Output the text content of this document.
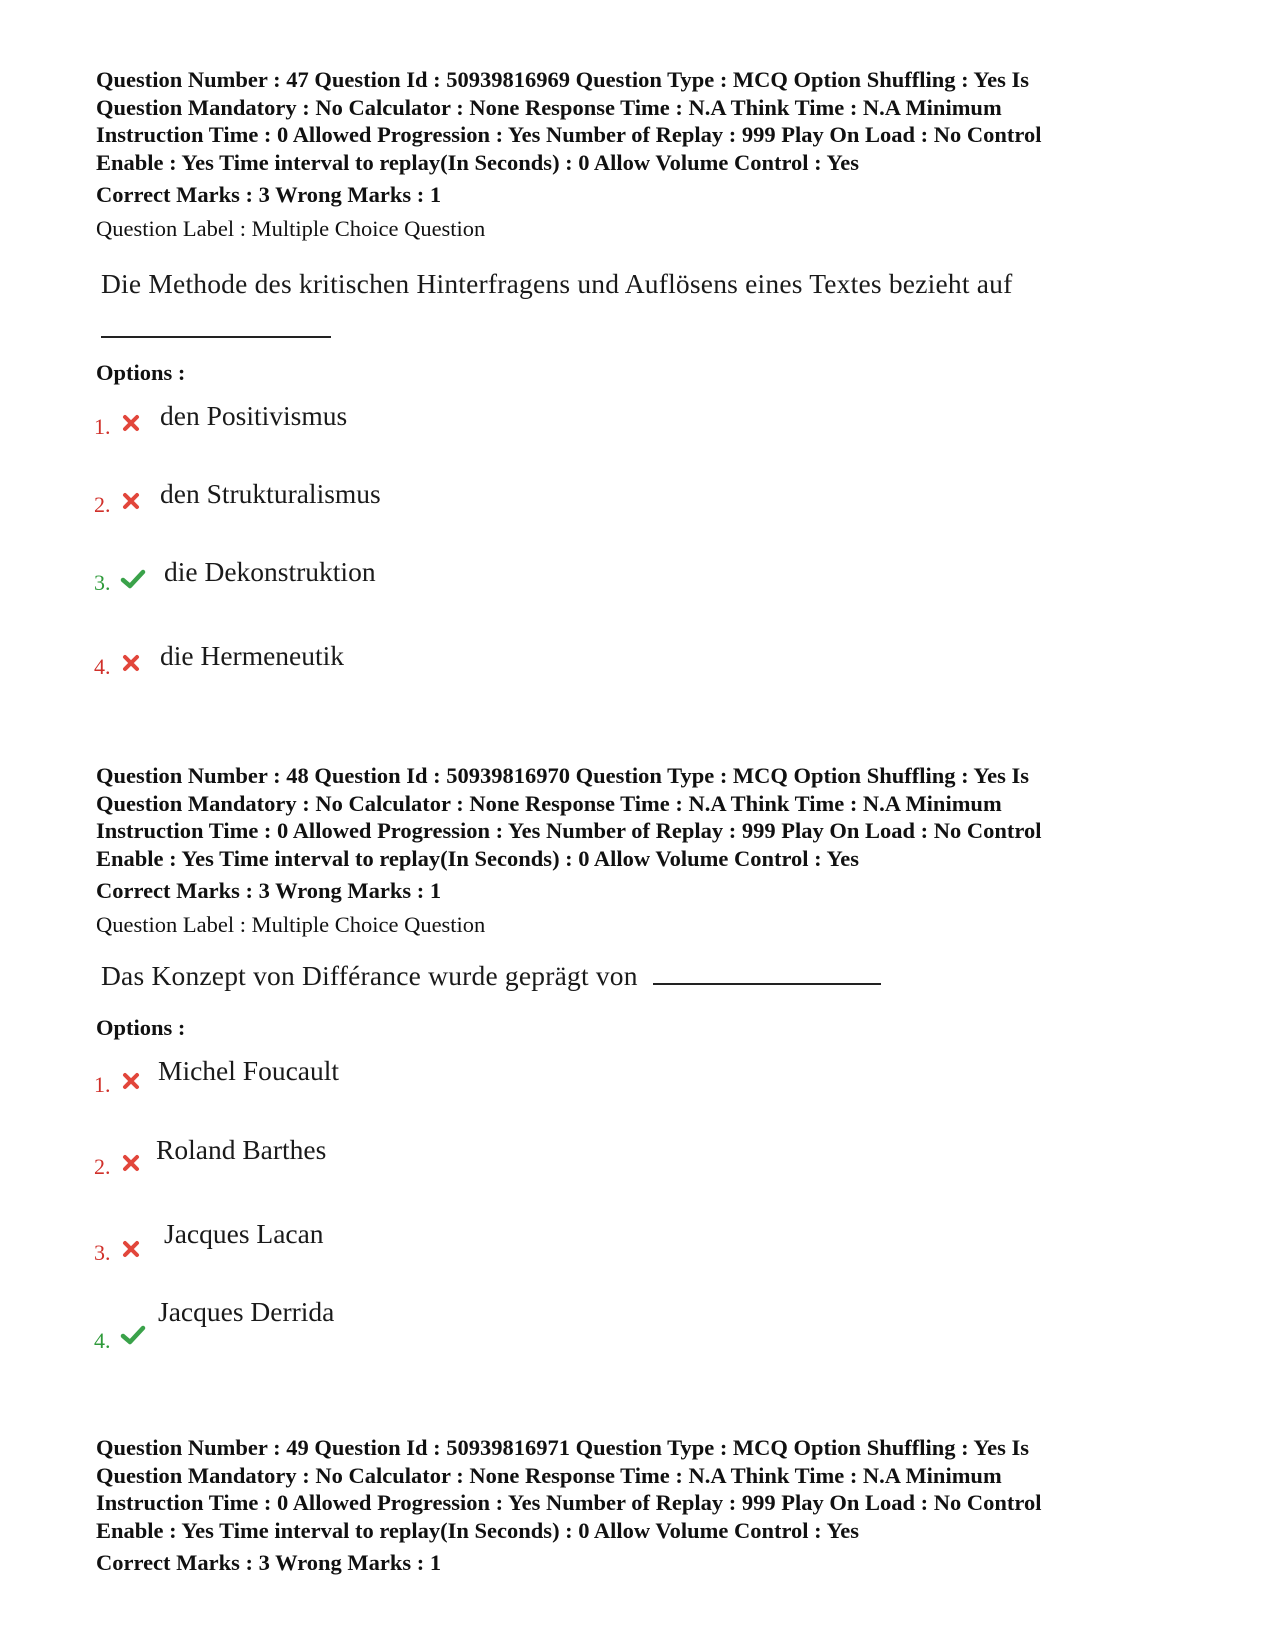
Question Number : 47 Question Id : 50939816969 Question Type : MCQ Option Shuffling : Yes Is

Question Mandatory : No Calculator : None Response Time : N.A Think Time : N.A Minimum

Instruction Time : 0 Allowed Progression : Yes Number of Replay : 999 Play On Load : No Control

Enable : Yes Time interval to replay(In Seconds) : 0 Allow Volume Control : Yes

Correct Marks : 3 Wrong Marks : 1
Question Label : Multiple Choice Question
Die Methode des kritischen Hinterfragens und Auflösens eines Textes bezieht auf
Options :
1. den Positivismus
2. den Strukturalismus
3. die Dekonstruktion
4. die Hermeneutik

Question Number : 48 Question Id : 50939816970 Question Type : MCQ Option Shuffling : Yes Is

Question Mandatory : No Calculator : None Response Time : N.A Think Time : N.A Minimum

Instruction Time : 0 Allowed Progression : Yes Number of Replay : 999 Play On Load : No Control

Enable : Yes Time interval to replay(In Seconds) : 0 Allow Volume Control : Yes

Correct Marks : 3 Wrong Marks : 1
Question Label : Multiple Choice Question
Das Konzept von Différance wurde geprägt von
Options :
1. Michel Foucault
2.
Roland Barthes
3.
Jacques Lacan
4.
Jacques Derrida

Question Number : 49 Question Id : 50939816971 Question Type : MCQ Option Shuffling : Yes Is

Question Mandatory : No Calculator : None Response Time : N.A Think Time : N.A Minimum

Instruction Time : 0 Allowed Progression : Yes Number of Replay : 999 Play On Load : No Control

Enable : Yes Time interval to replay(In Seconds) : 0 Allow Volume Control : Yes

Correct Marks : 3 Wrong Marks : 1
